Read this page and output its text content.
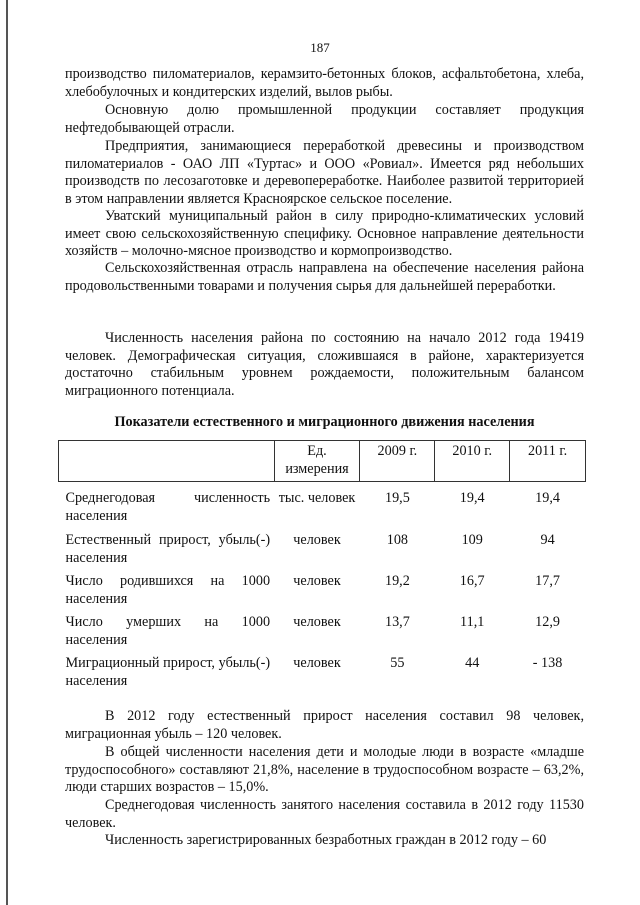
187

производство пиломатериалов, керамзито-бетонных блоков, асфальтобетона, хлеба, хлебобулочных и кондитерских изделий, вылов рыбы.

Основную долю промышленной продукции составляет продукция нефтедобывающей отрасли.

Предприятия, занимающиеся переработкой древесины и производством пиломатериалов - ОАО ЛП «Туртас» и ООО «Ровиал». Имеется ряд небольших производств по лесозаготовке и деревопереработке. Наиболее развитой территорией в этом направлении является Красноярское сельское поселение.

Уватский муниципальный район в силу природно-климатических условий имеет свою сельскохозяйственную специфику. Основное направление деятельности хозяйств – молочно-мясное производство и кормопроизводство.

Сельскохозяйственная отрасль направлена на обеспечение населения района продовольственными товарами и получения сырья для дальнейшей переработки.

Численность населения района по состоянию на начало 2012 года 19419 человек. Демографическая ситуация, сложившаяся в районе, характеризуется достаточно стабильным уровнем рождаемости, положительным балансом миграционного потенциала.

Показатели естественного и миграционного движения населения

	Ед. измерения	2009 г.	2010 г.	2011 г.
Среднегодовая численность населения	тыс. человек	19,5	19,4	19,4
Естественный прирост, убыль(-) населения	человек	108	109	94
Число родившихся на 1000 населения	человек	19,2	16,7	17,7
Число умерших на 1000 населения	человек	13,7	11,1	12,9
Миграционный прирост, убыль(-) населения	человек	55	44	- 138

В 2012 году естественный прирост населения составил 98 человек, миграционная убыль – 120 человек.

В общей численности населения дети и молодые люди в возрасте «младше трудоспособного» составляют 21,8%, население в трудоспособном возрасте – 63,2%, люди старших возрастов – 15,0%.

Среднегодовая численность занятого населения составила в 2012 году 11530 человек.

Численность зарегистрированных безработных граждан в 2012 году – 60
